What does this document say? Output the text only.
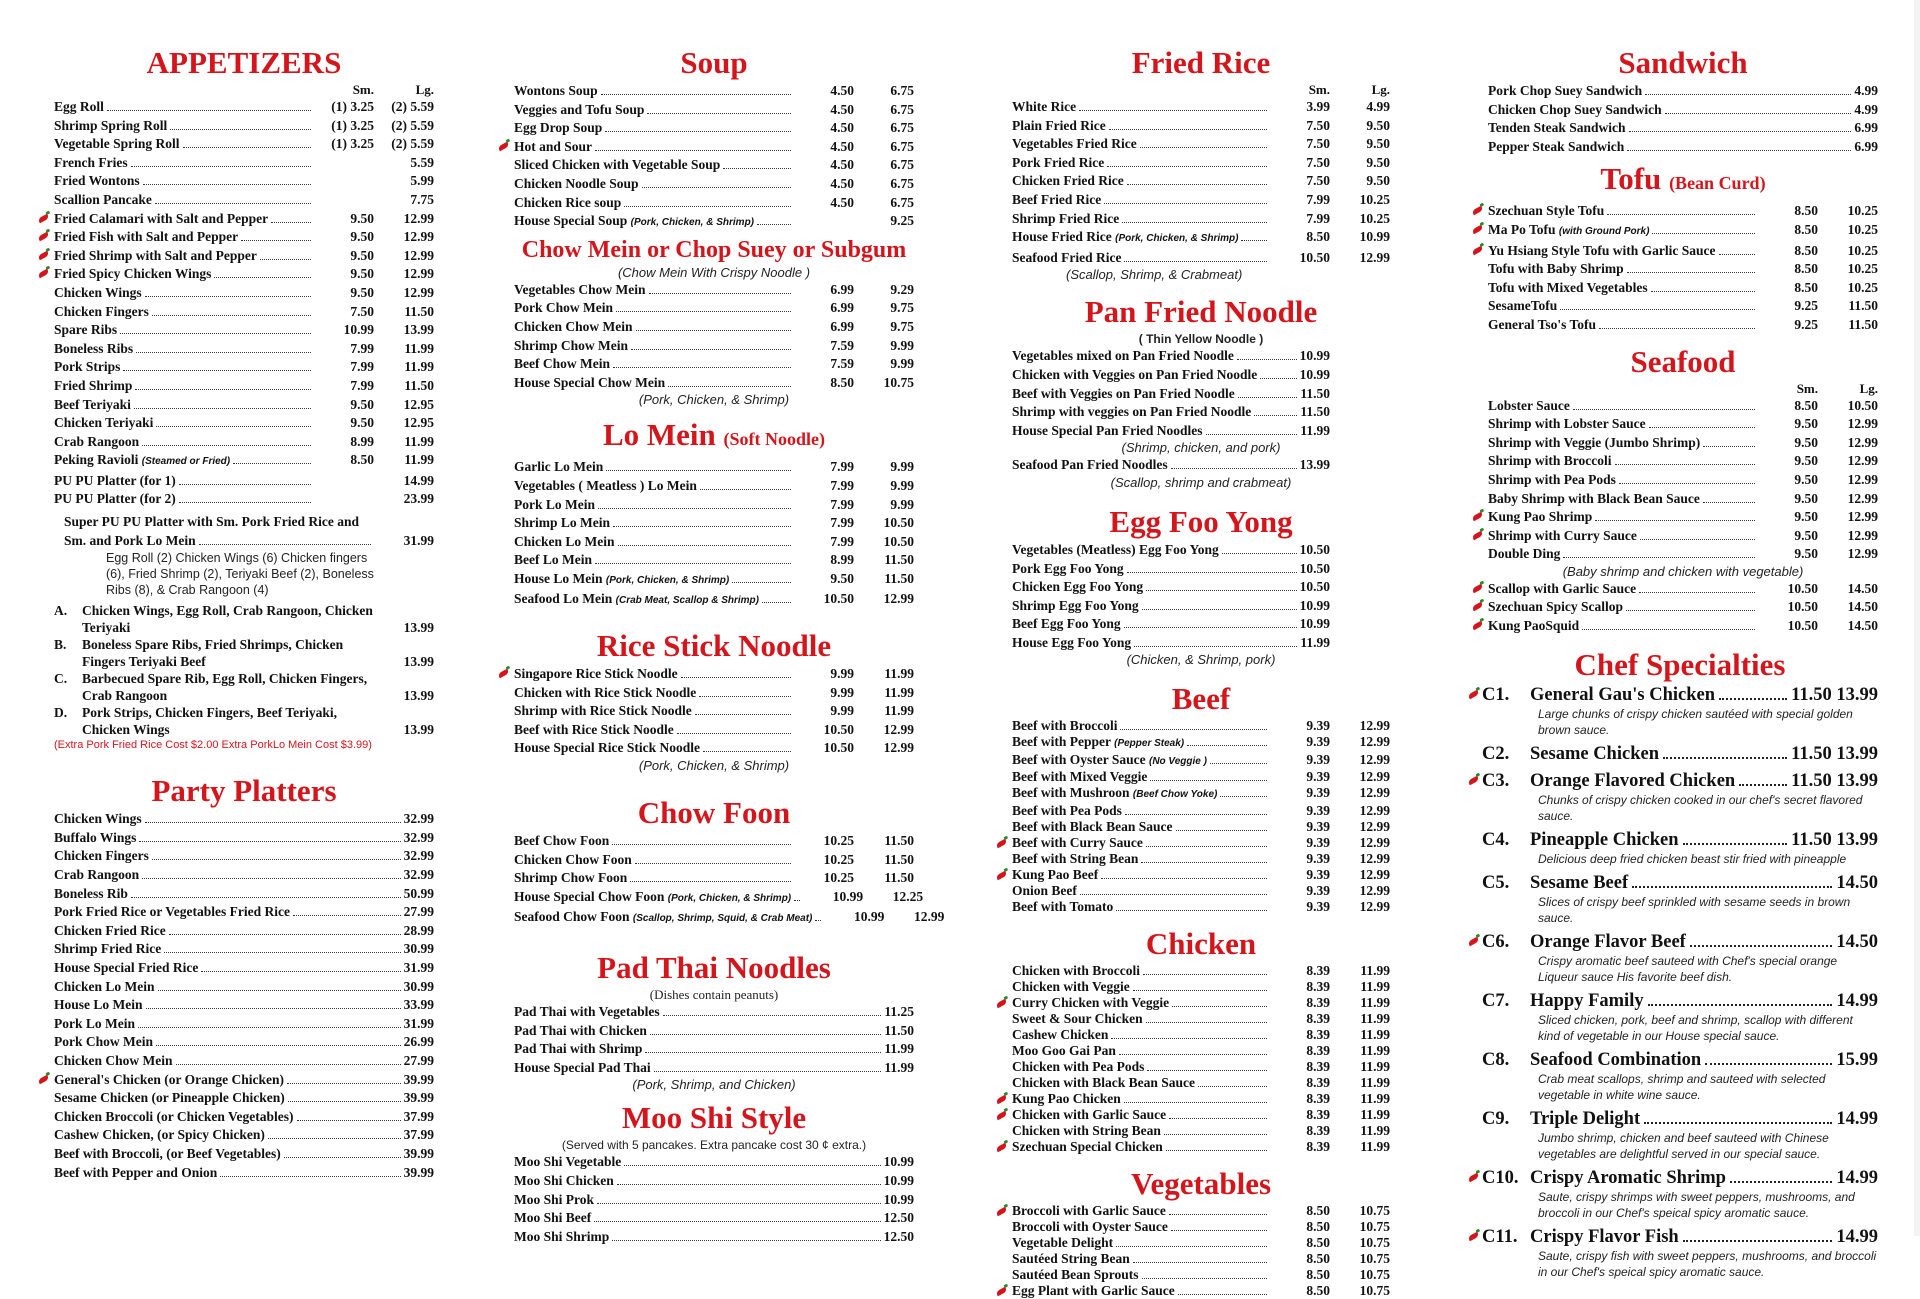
APPETIZERS
Sm.	Lg.
Egg Roll	(1) 3.25	(2) 5.59
Shrimp Spring Roll	(1) 3.25	(2) 5.59
Vegetable Spring Roll	(1) 3.25	(2) 5.59
French Fries	5.59
Fried Wontons	5.99
Scallion Pancake	7.75
Fried Calamari with Salt and Pepper	9.50	12.99
Fried Fish with Salt and Pepper	9.50	12.99
Fried Shrimp with Salt and Pepper	9.50	12.99
Fried Spicy Chicken Wings	9.50	12.99
Chicken Wings	9.50	12.99
Chicken Fingers	7.50	11.50
Spare Ribs	10.99	13.99
Boneless Ribs	7.99	11.99
Pork Strips	7.99	11.99
Fried Shrimp	7.99	11.50
Beef Teriyaki	9.50	12.95
Chicken Teriyaki	9.50	12.95
Crab Rangoon	8.99	11.99
Peking Ravioli (Steamed or Fried)	8.50	11.99
PU PU Platter (for 1)	14.99
PU PU Platter (for 2)	23.99
Super PU PU Platter with Sm. Pork Fried Rice and
Sm. and Pork Lo Mein	31.99
Egg Roll (2) Chicken Wings (6) Chicken fingers (6), Fried Shrimp (2), Teriyaki Beef (2), Boneless Ribs (8), & Crab Rangoon (4)
A.	Chicken Wings, Egg Roll, Crab Rangoon, Chicken Teriyaki	13.99
B.	Boneless Spare Ribs, Fried Shrimps, Chicken Fingers Teriyaki Beef	13.99
C.	Barbecued Spare Rib, Egg Roll, Chicken Fingers, Crab Rangoon	13.99
D.	Pork Strips, Chicken Fingers, Beef Teriyaki, Chicken Wings	13.99
(Extra Pork Fried Rice Cost $2.00 Extra PorkLo Mein Cost $3.99)
Party Platters
Chicken Wings	32.99
Buffalo Wings	32.99
Chicken Fingers	32.99
Crab Rangoon	32.99
Boneless Rib	50.99
Pork Fried Rice or Vegetables Fried Rice	27.99
Chicken Fried Rice	28.99
Shrimp Fried Rice	30.99
House Special Fried Rice	31.99
Chicken Lo Mein	30.99
House Lo Mein	33.99
Pork Lo Mein	31.99
Pork Chow Mein	26.99
Chicken Chow Mein	27.99
General's Chicken (or Orange Chicken)	39.99
Sesame Chicken (or Pineapple Chicken)	39.99
Chicken Broccoli (or Chicken Vegetables)	37.99
Cashew Chicken, (or Spicy Chicken)	37.99
Beef with Broccoli, (or Beef Vegetables)	39.99
Beef with Pepper and Onion	39.99
Soup
Wontons Soup	4.50	6.75
Veggies and Tofu Soup	4.50	6.75
Egg Drop Soup	4.50	6.75
Hot and Sour	4.50	6.75
Sliced Chicken with Vegetable Soup	4.50	6.75
Chicken Noodle Soup	4.50	6.75
Chicken Rice soup	4.50	6.75
House Special Soup (Pork, Chicken, & Shrimp)	9.25
Chow Mein or Chop Suey or Subgum
(Chow Mein With Crispy Noodle )
Vegetables Chow Mein	6.99	9.29
Pork Chow Mein	6.99	9.75
Chicken Chow Mein	6.99	9.75
Shrimp Chow Mein	7.59	9.99
Beef Chow Mein	7.59	9.99
House Special Chow Mein	8.50	10.75
(Pork, Chicken, & Shrimp)
Lo Mein (Soft Noodle)
Garlic Lo Mein	7.99	9.99
Vegetables ( Meatless ) Lo Mein	7.99	9.99
Pork Lo Mein	7.99	9.99
Shrimp Lo Mein	7.99	10.50
Chicken Lo Mein	7.99	10.50
Beef Lo Mein	8.99	11.50
House Lo Mein (Pork, Chicken, & Shrimp)	9.50	11.50
Seafood Lo Mein (Crab Meat, Scallop & Shrimp)	10.50	12.99
Rice Stick Noodle
Singapore Rice Stick Noodle	9.99	11.99
Chicken with Rice Stick Noodle	9.99	11.99
Shrimp with Rice Stick Noodle	9.99	11.99
Beef with Rice Stick Noodle	10.50	12.99
House Special Rice Stick Noodle	10.50	12.99
(Pork, Chicken, & Shrimp)
Chow Foon
Beef Chow Foon	10.25	11.50
Chicken Chow Foon	10.25	11.50
Shrimp Chow Foon	10.25	11.50
House Special Chow Foon (Pork, Chicken, & Shrimp)	10.99	12.25
Seafood Chow Foon (Scallop, Shrimp, Squid, & Crab Meat)	10.99	12.99
Pad Thai Noodles
(Dishes contain peanuts)
Pad Thai with Vegetables	11.25
Pad Thai with Chicken	11.50
Pad Thai with Shrimp	11.99
House Special Pad Thai	11.99
(Pork, Shrimp, and Chicken)
Moo Shi Style
(Served with 5 pancakes. Extra pancake cost 30 ¢ extra.)
Moo Shi Vegetable	10.99
Moo Shi Chicken	10.99
Moo Shi Prok	10.99
Moo Shi Beef	12.50
Moo Shi Shrimp	12.50
Fried Rice
Sm.	Lg.
White Rice	3.99	4.99
Plain Fried Rice	7.50	9.50
Vegetables Fried Rice	7.50	9.50
Pork Fried Rice	7.50	9.50
Chicken Fried Rice	7.50	9.50
Beef Fried Rice	7.99	10.25
Shrimp Fried Rice	7.99	10.25
House Fried Rice (Pork, Chicken, & Shrimp)	8.50	10.99
Seafood Fried Rice	10.50	12.99
(Scallop, Shrimp, & Crabmeat)
Pan Fried Noodle
( Thin Yellow Noodle )
Vegetables mixed on Pan Fried Noodle	10.99
Chicken with Veggies on Pan Fried Noodle	10.99
Beef with Veggies on Pan Fried Noodle	11.50
Shrimp with veggies on Pan Fried Noodle	11.50
House Special Pan Fried Noodles	11.99
(Shrimp, chicken, and pork)
Seafood Pan Fried Noodles	13.99
(Scallop, shrimp and crabmeat)
Egg Foo Yong
Vegetables (Meatless) Egg Foo Yong	10.50
Pork Egg Foo Yong	10.50
Chicken Egg Foo Yong	10.50
Shrimp Egg Foo Yong	10.99
Beef Egg Foo Yong	10.99
House Egg Foo Yong	11.99
(Chicken, & Shrimp, pork)
Beef
Beef with Broccoli	9.39	12.99
Beef with Pepper (Pepper Steak)	9.39	12.99
Beef with Oyster Sauce (No Veggie )	9.39	12.99
Beef with Mixed Veggie	9.39	12.99
Beef with Mushroon (Beef Chow Yoke)	9.39	12.99
Beef with Pea Pods	9.39	12.99
Beef with Black Bean Sauce	9.39	12.99
Beef with Curry Sauce	9.39	12.99
Beef with String Bean	9.39	12.99
Kung Pao Beef	9.39	12.99
Onion Beef	9.39	12.99
Beef with Tomato	9.39	12.99
Chicken
Chicken with Broccoli	8.39	11.99
Chicken with Veggie	8.39	11.99
Curry Chicken with Veggie	8.39	11.99
Sweet & Sour Chicken	8.39	11.99
Cashew Chicken	8.39	11.99
Moo Goo Gai Pan	8.39	11.99
Chicken with Pea Pods	8.39	11.99
Chicken with Black Bean Sauce	8.39	11.99
Kung Pao Chicken	8.39	11.99
Chicken with Garlic Sauce	8.39	11.99
Chicken with String Bean	8.39	11.99
Szechuan Special Chicken	8.39	11.99
Vegetables
Broccoli with Garlic Sauce	8.50	10.75
Broccoli with Oyster Sauce	8.50	10.75
Vegetable Delight	8.50	10.75
Sautéed String Bean	8.50	10.75
Sautéed Bean Sprouts	8.50	10.75
Egg Plant with Garlic Sauce	8.50	10.75
Sandwich
Pork Chop Suey Sandwich	4.99
Chicken Chop Suey Sandwich	4.99
Tenden Steak Sandwich	6.99
Pepper Steak Sandwich	6.99
Tofu (Bean Curd)
Szechuan Style Tofu	8.50	10.25
Ma Po Tofu (with Ground Pork)	8.50	10.25
Yu Hsiang Style Tofu with Garlic Sauce	8.50	10.25
Tofu with Baby Shrimp	8.50	10.25
Tofu with Mixed Vegetables	8.50	10.25
SesameTofu	9.25	11.50
General Tso's Tofu	9.25	11.50
Seafood
Sm.	Lg.
Lobster Sauce	8.50	10.50
Shrimp with Lobster Sauce	9.50	12.99
Shrimp with Veggie (Jumbo Shrimp)	9.50	12.99
Shrimp with Broccoli	9.50	12.99
Shrimp with Pea Pods	9.50	12.99
Baby Shrimp with Black Bean Sauce	9.50	12.99
Kung Pao Shrimp	9.50	12.99
Shrimp with Curry Sauce	9.50	12.99
Double Ding	9.50	12.99
(Baby shrimp and chicken with vegetable)
Scallop with Garlic Sauce	10.50	14.50
Szechuan Spicy Scallop	10.50	14.50
Kung PaoSquid	10.50	14.50
Chef Specialties
C1.	General Gau's Chicken	11.50 13.99
Large chunks of crispy chicken sautéed with special golden brown sauce.
C2.	Sesame Chicken	11.50 13.99
C3.	Orange Flavored Chicken	11.50 13.99
Chunks of crispy chicken cooked in our chef's secret flavored sauce.
C4.	Pineapple Chicken	11.50 13.99
Delicious deep fried chicken beast stir fried with pineapple
C5.	Sesame Beef	14.50
Slices of crispy beef sprinkled with sesame seeds in brown sauce.
C6.	Orange Flavor Beef	14.50
Crispy aromatic beef sauteed with Chef's special orange Liqueur sauce His favorite beef dish.
C7.	Happy Family	14.99
Sliced chicken, pork, beef and shrimp, scallop with different kind of vegetable in our House special sauce.
C8.	Seafood Combination	15.99
Crab meat scallops, shrimp and sauteed with selected vegetable in white wine sauce.
C9.	Triple Delight	14.99
Jumbo shrimp, chicken and beef sauteed with Chinese vegetables are delightful served in our special sauce.
C10. Crispy Aromatic Shrimp	14.99
Saute, crispy shrimps with sweet peppers, mushrooms, and broccoli in our Chef's speical spicy aromatic sauce.
C11. Crispy Flavor Fish	14.99
Saute, crispy fish with sweet peppers, mushrooms, and broccoli in our Chef's speical spicy aromatic sauce.
